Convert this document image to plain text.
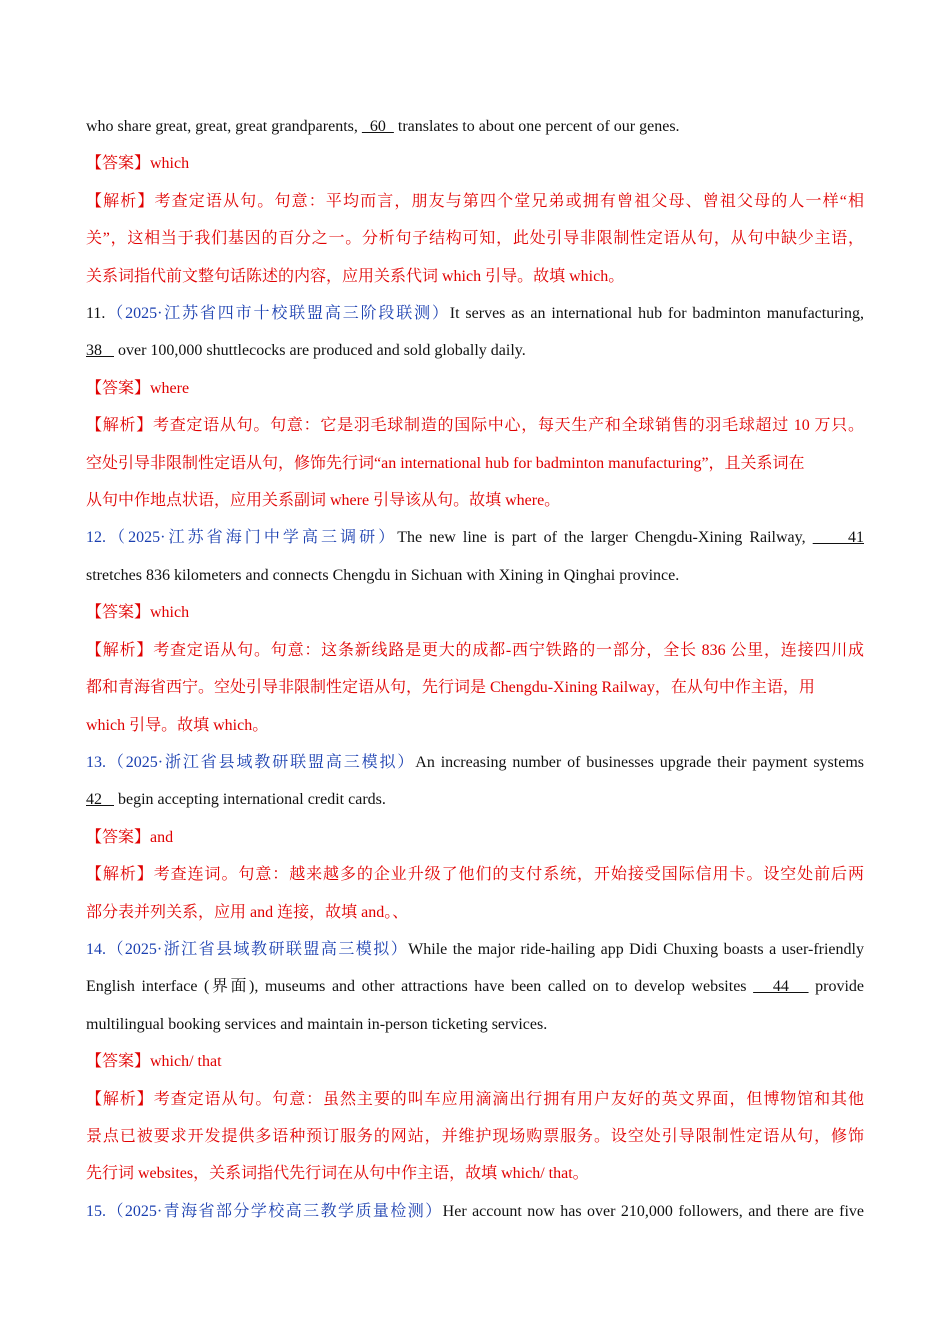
who share great, great, great grandparents,   60   translates to about one percent of our genes.
【答案】which
【解析】考查定语从句。句意：平均而言，朋友与第四个堂兄弟或拥有曾祖父母、曾祖父母的人一样“相
关”，这相当于我们基因的百分之一。分析句子结构可知，此处引导非限制性定语从句，从句中缺少主语，
关系词指代前文整句话陈述的内容，应用关系代词 which 引导。故填 which。
11.（2025·江苏省四市十校联盟高三阶段联测）It serves as an international hub for badminton manufacturing,
38    over 100,000 shuttlecocks are produced and sold globally daily.
【答案】where
【解析】考查定语从句。句意：它是羽毛球制造的国际中心，每天生产和全球销售的羽毛球超过 10 万只。
空处引导非限制性定语从句，修饰先行词“an international hub for badminton manufacturing”，且关系词在
从句中作地点状语，应用关系副词 where 引导该从句。故填 where。
12.（2025·江苏省海门中学高三调研）The new line is part of the larger Chengdu-Xining Railway,      41
stretches 836 kilometers and connects Chengdu in Sichuan with Xining in Qinghai province.
【答案】which
【解析】考查定语从句。句意：这条新线路是更大的成都-西宁铁路的一部分，全长 836 公里，连接四川成
都和青海省西宁。空处引导非限制性定语从句，先行词是 Chengdu-Xining Railway，在从句中作主语，用
which 引导。故填 which。
13.（2025·浙江省县域教研联盟高三模拟）An increasing number of businesses upgrade their payment systems
42    begin accepting international credit cards.
【答案】and
【解析】考查连词。句意：越来越多的企业升级了他们的支付系统，开始接受国际信用卡。设空处前后两
部分表并列关系，应用 and 连接，故填 and。、
14.（2025·浙江省县域教研联盟高三模拟）While the major ride-hailing app Didi Chuxing boasts a user-friendly
English interface (界面), museums and other attractions have been called on to develop websites    44    provide
multilingual booking services and maintain in-person ticketing services.
【答案】which/ that
【解析】考查定语从句。句意：虽然主要的叫车应用滴滴出行拥有用户友好的英文界面，但博物馆和其他
景点已被要求开发提供多语种预订服务的网站，并维护现场购票服务。设空处引导限制性定语从句，修饰
先行词 websites，关系词指代先行词在从句中作主语，故填 which/ that。
15.（2025·青海省部分学校高三教学质量检测）Her account now has over 210,000 followers, and there are five
